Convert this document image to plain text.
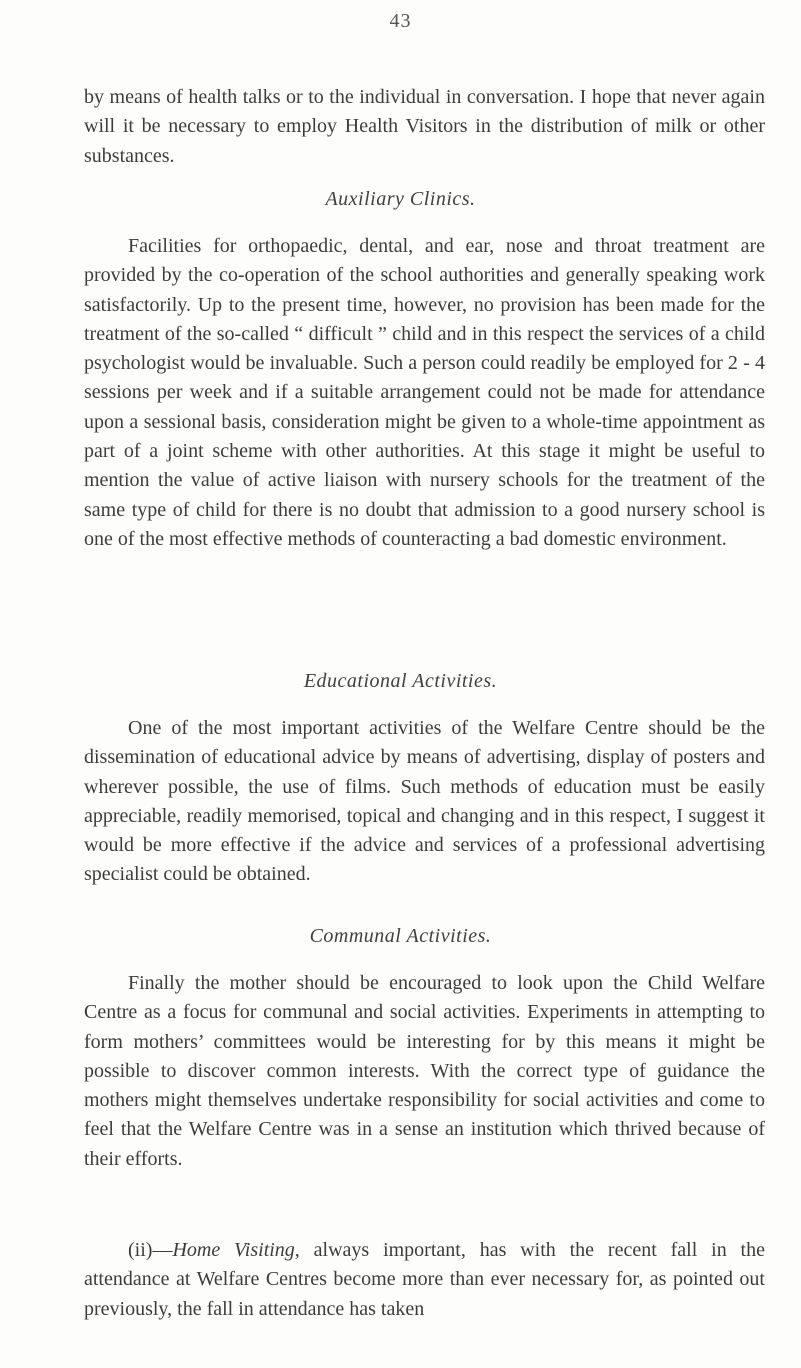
43

by means of health talks or to the individual in conversation. I hope that never again will it be necessary to employ Health Visitors in the distribution of milk or other substances.

Auxiliary Clinics.

Facilities for orthopaedic, dental, and ear, nose and throat treatment are provided by the co-operation of the school authorities and generally speaking work satisfactorily. Up to the present time, however, no provision has been made for the treatment of the so-called “ difficult ” child and in this respect the services of a child psychologist would be invaluable. Such a person could readily be employed for 2 - 4 sessions per week and if a suitable arrangement could not be made for attendance upon a sessional basis, consideration might be given to a whole-time appointment as part of a joint scheme with other authorities. At this stage it might be useful to mention the value of active liaison with nursery schools for the treatment of the same type of child for there is no doubt that admission to a good nursery school is one of the most effective methods of counteracting a bad domestic environment.

Educational Activities.

One of the most important activities of the Welfare Centre should be the dissemination of educational advice by means of advertising, display of posters and wherever possible, the use of films. Such methods of education must be easily appreciable, readily memorised, topical and changing and in this respect, I suggest it would be more effective if the advice and services of a professional advertising specialist could be obtained.

Communal Activities.

Finally the mother should be encouraged to look upon the Child Welfare Centre as a focus for communal and social activities. Experiments in attempting to form mothers’ committees would be interesting for by this means it might be possible to discover common interests. With the correct type of guidance the mothers might themselves undertake responsibility for social activities and come to feel that the Welfare Centre was in a sense an institution which thrived because of their efforts.

(ii)—Home Visiting, always important, has with the recent fall in the attendance at Welfare Centres become more than ever necessary for, as pointed out previously, the fall in attendance has taken
